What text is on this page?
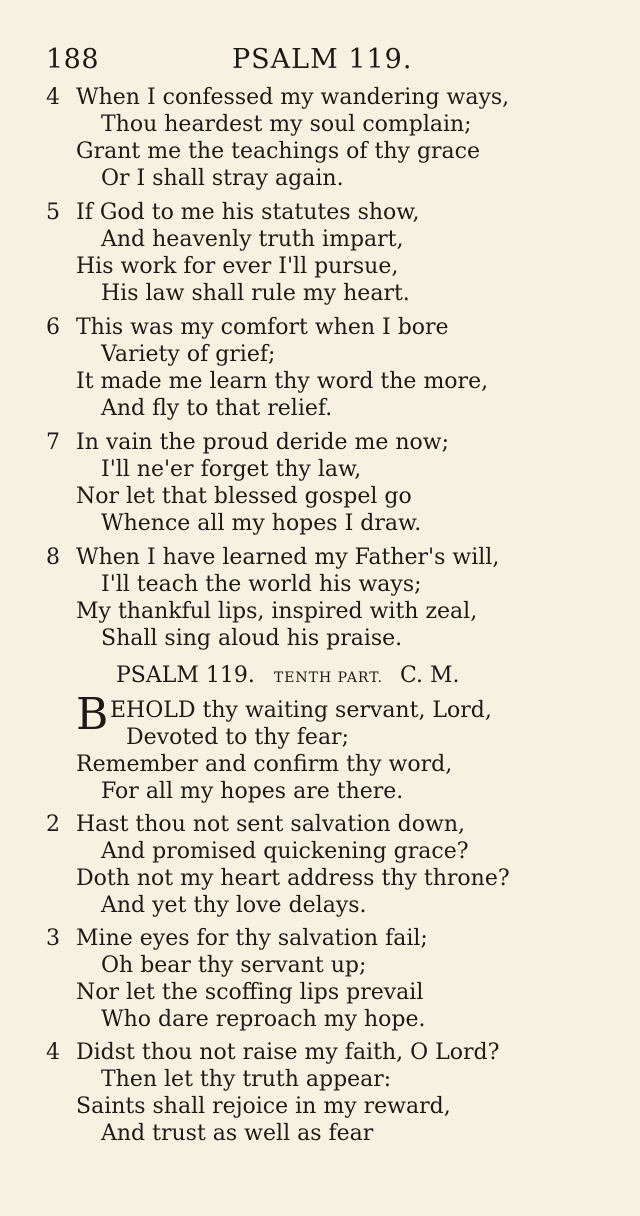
188	PSALM 119.
4 When I confessed my wandering ways,
Thou heardest my soul complain;
Grant me the teachings of thy grace
Or I shall stray again.
5 If God to me his statutes show,
And heavenly truth impart,
His work for ever I'll pursue,
His law shall rule my heart.
6 This was my comfort when I bore
Variety of grief;
It made me learn thy word the more,
And fly to that relief.
7 In vain the proud deride me now;
I'll ne'er forget thy law,
Nor let that blessed gospel go
Whence all my hopes I draw.
8 When I have learned my Father's will,
I'll teach the world his ways;
My thankful lips, inspired with zeal,
Shall sing aloud his praise.
PSALM 119. TENTH PART. C. M.
B EHOLD thy waiting servant, Lord,
Devoted to thy fear;
Remember and confirm thy word,
For all my hopes are there.
2 Hast thou not sent salvation down,
And promised quickening grace?
Doth not my heart address thy throne?
And yet thy love delays.
3 Mine eyes for thy salvation fail;
Oh bear thy servant up;
Nor let the scoffing lips prevail
Who dare reproach my hope.
4 Didst thou not raise my faith, O Lord?
Then let thy truth appear:
Saints shall rejoice in my reward,
And trust as well as fear
